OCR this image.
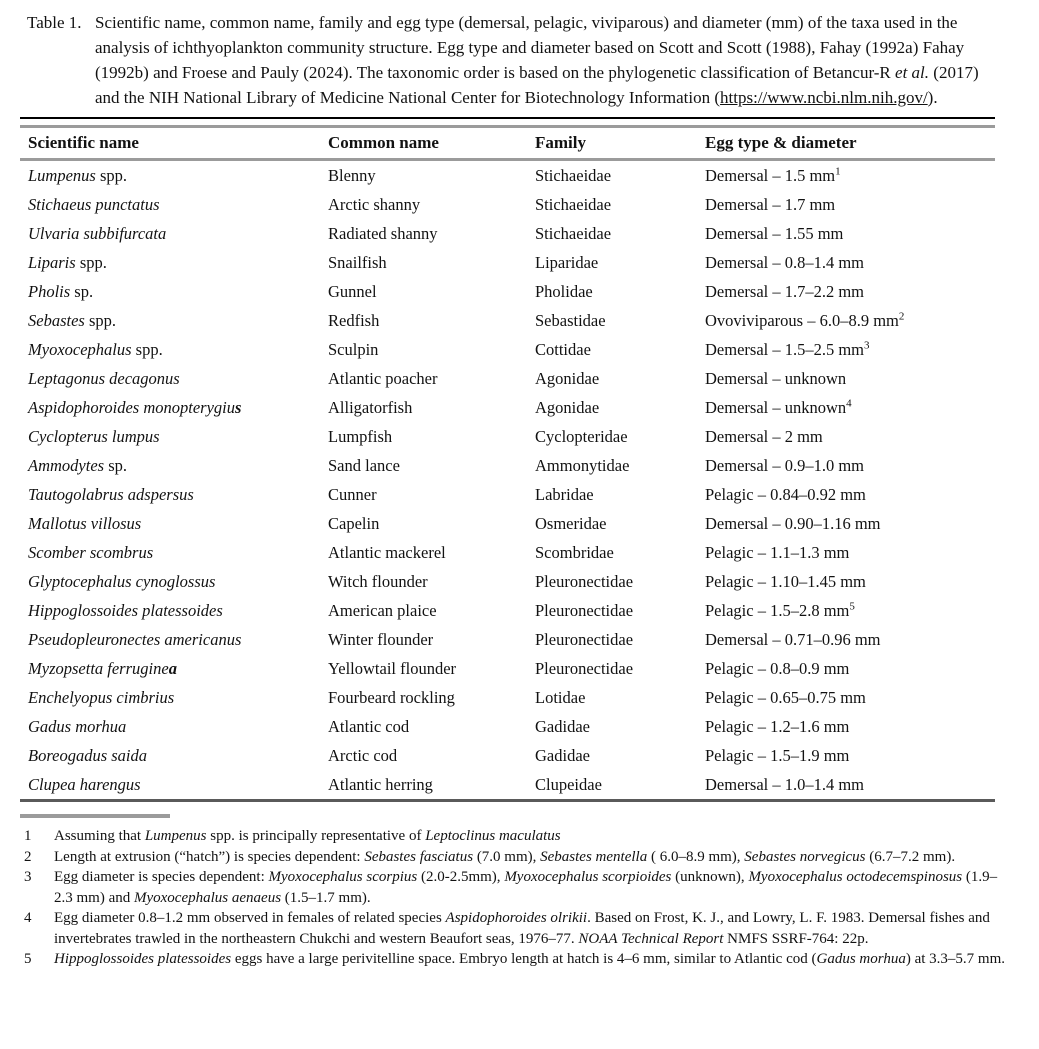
Table 1. Scientific name, common name, family and egg type (demersal, pelagic, viviparous) and diameter (mm) of the taxa used in the analysis of ichthyoplankton community structure. Egg type and diameter based on Scott and Scott (1988), Fahay (1992a) Fahay (1992b) and Froese and Pauly (2024). The taxonomic order is based on the phylogenetic classification of Betancur-R et al. (2017) and the NIH National Library of Medicine National Center for Biotechnology Information (https://www.ncbi.nlm.nih.gov/).
Scientific name	Common name	Family	Egg type & diameter
Lumpenus spp.	Blenny	Stichaeidae	Demersal – 1.5 $mm^1$
Stichaeus punctatus	Arctic shanny	Stichaeidae	Demersal – 1.7 mm
Ulvaria subbifurcata	Radiated shanny	Stichaeidae	Demersal – 1.55 mm
Liparis spp.	Snailfish	Liparidae	Demersal – 0.8–1.4 mm
Pholis sp.	Gunnel	Pholidae	Demersal – 1.7–2.2 mm
Sebastes spp.	Redfish	Sebastidae	Ovoviviparous – 6.0–8.9 $mm^2$
Myoxocephalus spp.	Sculpin	Cottidae	Demersal – 1.5–2.5 $mm^3$
Leptagonus decagonus	Atlantic poacher	Agonidae	Demersal – unknown
Aspidophoroides monopterygius	Alligatorfish	Agonidae	Demersal – unknown$^4$
Cyclopterus lumpus	Lumpfish	Cyclopteridae	Demersal – 2 mm
Ammodytes sp.	Sand lance	Ammonytidae	Demersal – 0.9–1.0 mm
Tautogolabrus adspersus	Cunner	Labridae	Pelagic – 0.84–0.92 mm
Mallotus villosus	Capelin	Osmeridae	Demersal – 0.90–1.16 mm
Scomber scombrus	Atlantic mackerel	Scombridae	Pelagic – 1.1–1.3 mm
Glyptocephalus cynoglossus	Witch flounder	Pleuronectidae	Pelagic – 1.10–1.45 mm
Hippoglossoides platessoides	American plaice	Pleuronectidae	Pelagic – 1.5–2.8 $mm^5$
Pseudopleuronectes americanus	Winter flounder	Pleuronectidae	Demersal – 0.71–0.96 mm
Myzopsetta ferruginea	Yellowtail flounder	Pleuronectidae	Pelagic – 0.8–0.9 mm
Enchelyopus cimbrius	Fourbeard rockling	Lotidae	Pelagic – 0.65–0.75 mm
Gadus morhua	Atlantic cod	Gadidae	Pelagic – 1.2–1.6 mm
Boreogadus saida	Arctic cod	Gadidae	Pelagic – 1.5–1.9 mm
Clupea harengus	Atlantic herring	Clupeidae	Demersal – 1.0–1.4 mm
1	Assuming that Lumpenus spp. is principally representative of Leptoclinus maculatus
2	Length at extrusion (“hatch”) is species dependent: Sebastes fasciatus (7.0 mm), Sebastes mentella ( 6.0–8.9 mm), Sebastes norvegicus (6.7–7.2 mm).
3	Egg diameter is species dependent: Myoxocephalus scorpius (2.0-2.5mm), Myoxocephalus scorpioides (unknown), Myoxocephalus octodecemspinosus (1.9–2.3 mm) and Myoxocephalus aenaeus (1.5–1.7 mm).
4	Egg diameter 0.8–1.2 mm observed in females of related species Aspidophoroides olrikii. Based on Frost, K. J., and Lowry, L. F. 1983. Demersal fishes and invertebrates trawled in the northeastern Chukchi and western Beaufort seas, 1976–77. NOAA Technical Report NMFS SSRF-764: 22p.
5	Hippoglossoides platessoides eggs have a large perivitelline space. Embryo length at hatch is 4–6 mm, similar to Atlantic cod (Gadus morhua) at 3.3–5.7 mm.
